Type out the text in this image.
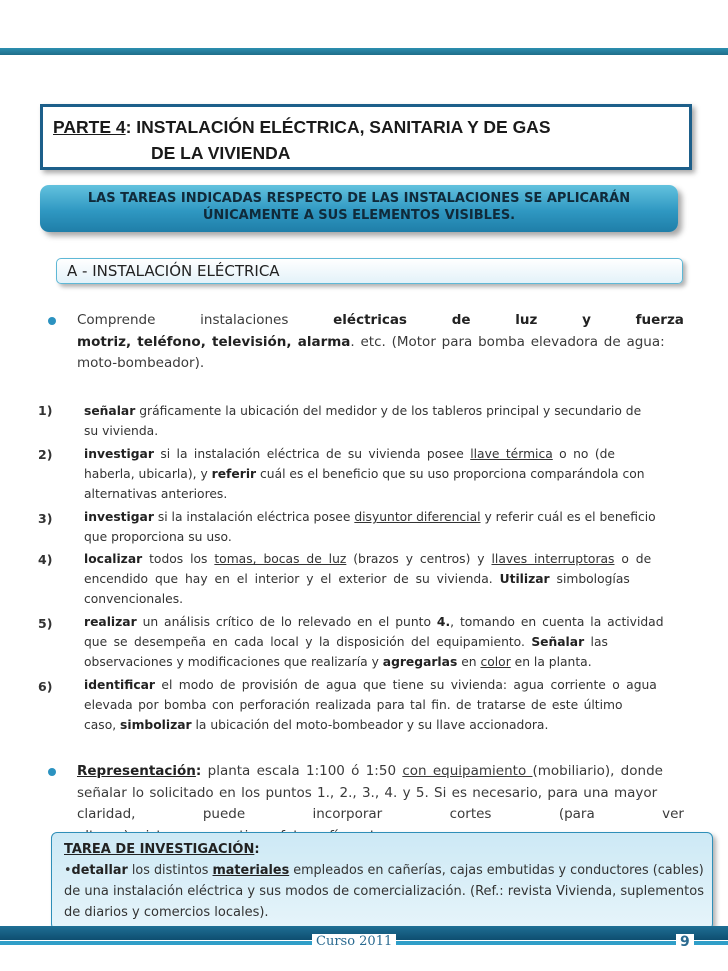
PARTE 4: INSTALACIÓN ELÉCTRICA, SANITARIA Y DE GAS
DE LA VIVIENDA
LAS TAREAS INDICADAS RESPECTO DE LAS INSTALACIONES SE APLICARÁN
ÚNICAMENTE A SUS ELEMENTOS VISIBLES.
A - INSTALACIÓN ELÉCTRICA
Comprende	instalaciones	eléctricas	de	luz	y	fuerza
motriz, teléfono, televisión, alarma. etc. (Motor para bomba elevadora de agua:
moto-bombeador).
1)	señalar gráficamente la ubicación del medidor y de los tableros principal y secundario de
su vivienda.
2)	investigar si la instalación eléctrica de su vivienda posee llave térmica o no (de
haberla, ubicarla), y referir cuál es el beneficio que su uso proporciona comparándola con
alternativas anteriores.
3)	investigar si la instalación eléctrica posee disyuntor diferencial y referir cuál es el beneficio
que proporciona su uso.
4)	localizar todos los tomas, bocas de luz (brazos y centros) y llaves interruptoras o de
encendido que hay en el interior y el exterior de su vivienda. Utilizar simbologías
convencionales.
5)	realizar un análisis crítico de lo relevado en el punto 4., tomando en cuenta la actividad
que se desempeña en cada local y la disposición del equipamiento. Señalar las
observaciones y modificaciones que realizaría y agregarlas en color en la planta.
6)	identificar el modo de provisión de agua que tiene su vivienda: agua corriente o agua
elevada por bomba con perforación realizada para tal fin. de tratarse de este último
caso, simbolizar la ubicación del moto-bombeador y su llave accionadora.
Representación: planta escala 1:100 ó 1:50 con equipamiento (mobiliario), donde
señalar lo solicitado en los puntos 1., 2., 3., 4. y 5. Si es necesario, para una mayor
claridad,	puede	incorporar	cortes	(para	ver
TAREA DE INVESTIGACIÓN:
•detallar los distintos materiales empleados en cañerías, cajas embutidas y conductores (cables)
de una instalación eléctrica y sus modos de comercialización. (Ref.: revista Vivienda, suplementos
de diarios y comercios locales).
Curso 2011	9
